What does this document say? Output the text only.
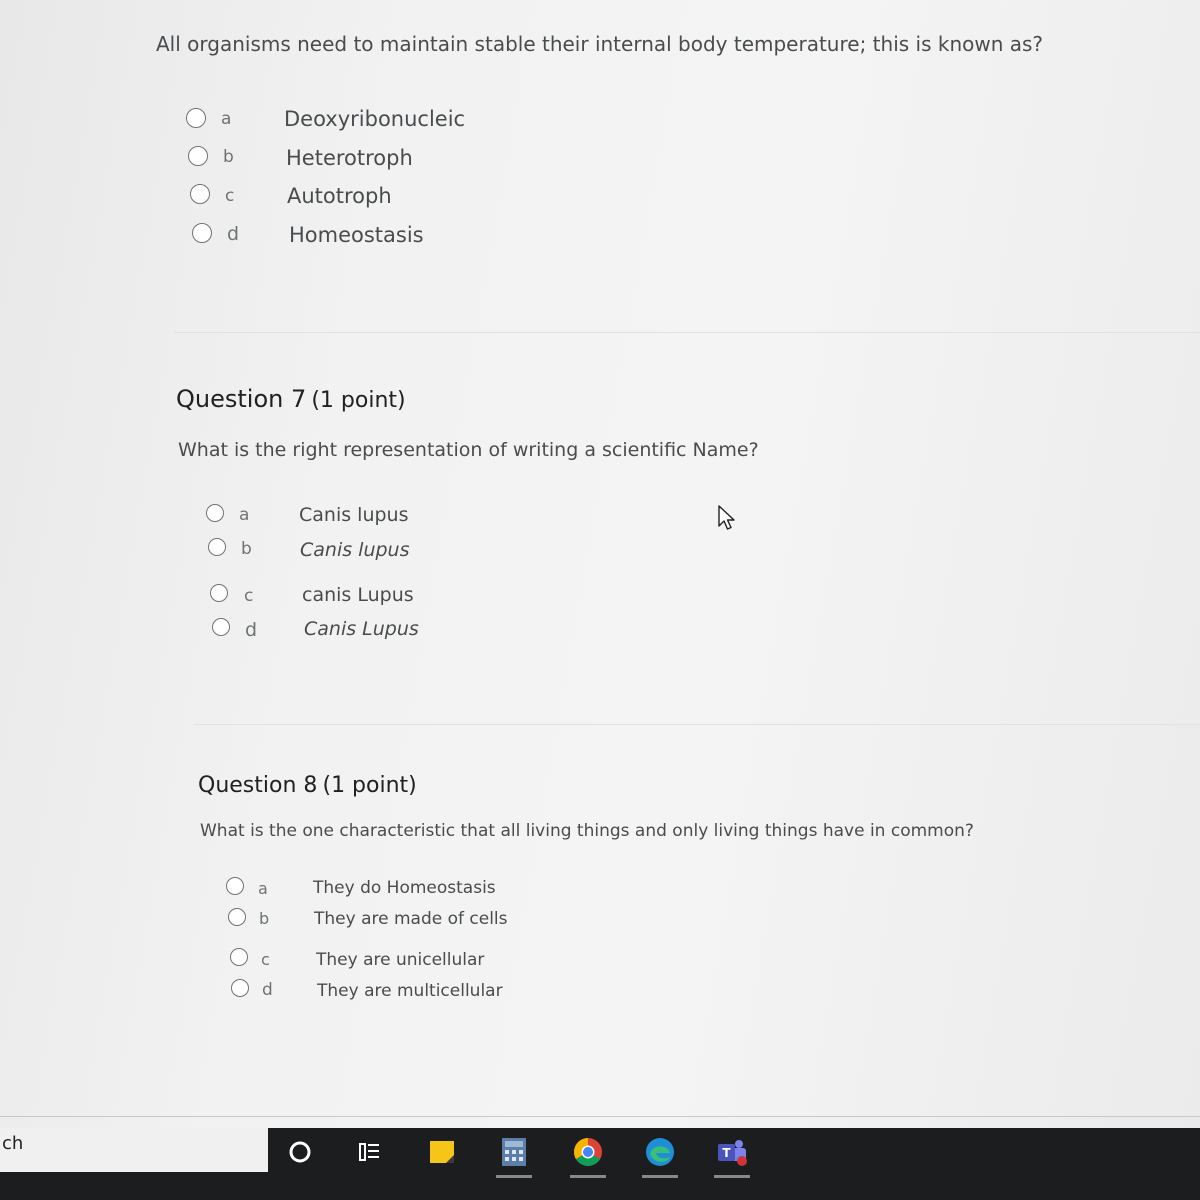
All organisms need to maintain stable their internal body temperature; this is known as?
a	Deoxyribonucleic
b Heterotroph
c	Autotroph
d Homeostasis
Question 7 (1 point)
What is the right representation of writing a scientific Name?
a	Canis lupus
b	Canis lupus
c	canis Lupus
d Canis Lupus
Question 8 (1 point)
What is the one characteristic that all living things and only living things have in common?
a	They do Homeostasis
b	They are made of cells
c	They are unicellular
d	They are multicellular
ch	T
